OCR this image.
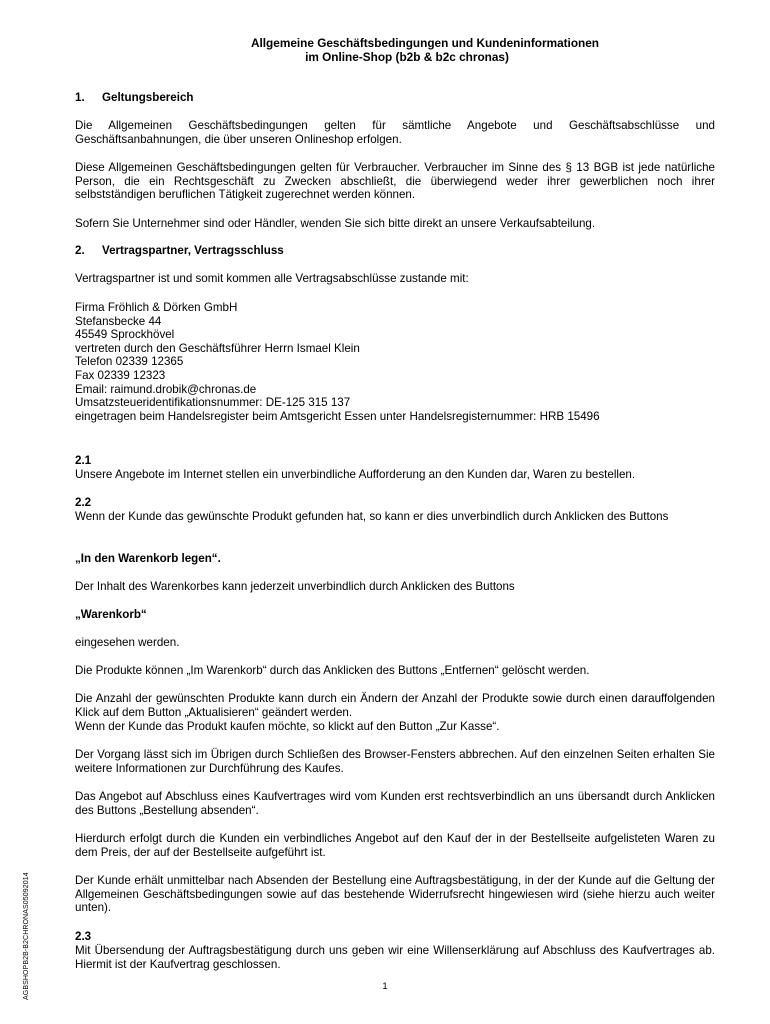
Allgemeine Geschäftsbedingungen und Kundeninformationen
im Online-Shop (b2b & b2c chronas)
1. Geltungsbereich
Die Allgemeinen Geschäftsbedingungen gelten für sämtliche Angebote und Geschäftsabschlüsse und Geschäftsanbahnungen, die über unseren Onlineshop erfolgen.
Diese Allgemeinen Geschäftsbedingungen gelten für Verbraucher. Verbraucher im Sinne des § 13 BGB ist jede natürliche Person, die ein Rechtsgeschäft zu Zwecken abschließt, die überwiegend weder ihrer gewerblichen noch ihrer selbstständigen beruflichen Tätigkeit zugerechnet werden können.
Sofern Sie Unternehmer sind oder Händler, wenden Sie sich bitte direkt an unsere Verkaufsabteilung.
2. Vertragspartner, Vertragsschluss
Vertragspartner ist und somit kommen alle Vertragsabschlüsse zustande mit:
Firma Fröhlich & Dörken GmbH
Stefansbecke 44
45549 Sprockhövel
vertreten durch den Geschäftsführer Herrn Ismael Klein
Telefon 02339 12365
Fax 02339 12323
Email: raimund.drobik@chronas.de
Umsatzsteueridentifikationsnummer: DE-125 315 137
eingetragen beim Handelsregister beim Amtsgericht Essen unter Handelsregisternummer: HRB 15496
2.1
Unsere Angebote im Internet stellen ein unverbindliche Aufforderung an den Kunden dar, Waren zu bestellen.
2.2
Wenn der Kunde das gewünschte Produkt gefunden hat, so kann er dies unverbindlich durch Anklicken des Buttons
„In den Warenkorb legen“.
Der Inhalt des Warenkorbes kann jederzeit unverbindlich durch Anklicken des Buttons
„Warenkorb“
eingesehen werden.
Die Produkte können „Im Warenkorb“ durch das Anklicken des Buttons „Entfernen“ gelöscht werden.
Die Anzahl der gewünschten Produkte kann durch ein Ändern der Anzahl der Produkte sowie durch einen darauffolgenden Klick auf dem Button „Aktualisieren“ geändert werden.
Wenn der Kunde das Produkt kaufen möchte, so klickt auf den Button „Zur Kasse“.
Der Vorgang lässt sich im Übrigen durch Schließen des Browser-Fensters abbrechen. Auf den einzelnen Seiten erhalten Sie weitere Informationen zur Durchführung des Kaufes.
Das Angebot auf Abschluss eines Kaufvertrages wird vom Kunden erst rechtsverbindlich an uns übersandt durch Anklicken des Buttons „Bestellung absenden“.
Hierdurch erfolgt durch die Kunden ein verbindliches Angebot auf den Kauf der in der Bestellseite aufgelisteten Waren zu dem Preis, der auf der Bestellseite aufgeführt ist.
Der Kunde erhält unmittelbar nach Absenden der Bestellung eine Auftragsbestätigung, in der der Kunde auf die Geltung der Allgemeinen Geschäftsbedingungen sowie auf das bestehende Widerrufsrecht hingewiesen wird (siehe hierzu auch weiter unten).
2.3
Mit Übersendung der Auftragsbestätigung durch uns geben wir eine Willenserklärung auf Abschluss des Kaufvertrages ab. Hiermit ist der Kaufvertrag geschlossen.
AGBSHOPB2B-B2CHRONAS05092014	1
